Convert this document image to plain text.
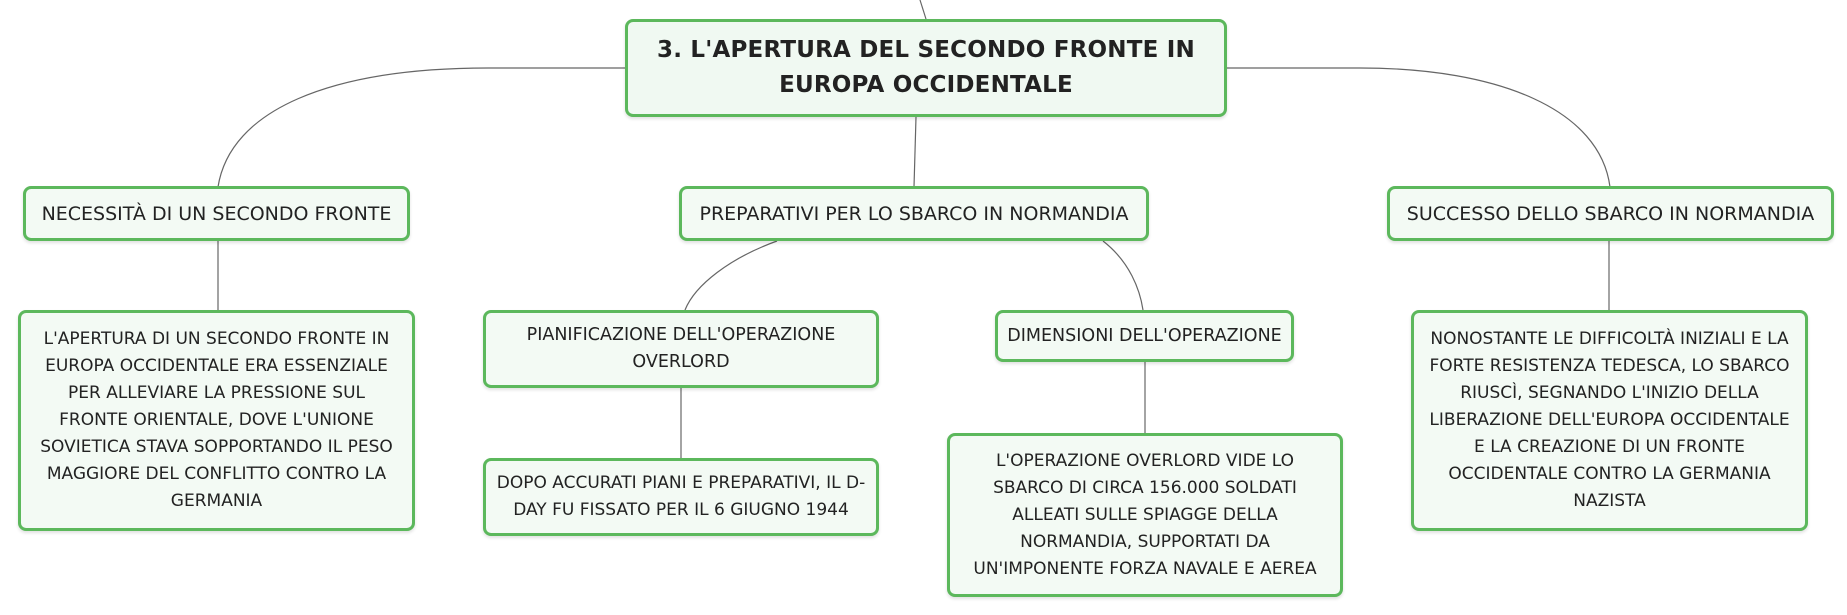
3. L'APERTURA DEL SECONDO FRONTE IN EUROPA OCCIDENTALE
NECESSITÀ DI UN SECONDO FRONTE	PREPARATIVI PER LO SBARCO IN NORMANDIA	SUCCESSO DELLO SBARCO IN NORMANDIA
L'APERTURA DI UN SECONDO FRONTE IN EUROPA OCCIDENTALE ERA ESSENZIALE PER ALLEVIARE LA PRESSIONE SUL FRONTE ORIENTALE, DOVE L'UNIONE SOVIETICA STAVA SOPPORTANDO IL PESO MAGGIORE DEL CONFLITTO CONTRO LA GERMANIA
PIANIFICAZIONE DELL'OPERAZIONE OVERLORD
DIMENSIONI DELL'OPERAZIONE
DOPO ACCURATI PIANI E PREPARATIVI, IL D-DAY FU FISSATO PER IL 6 GIUGNO 1944
L'OPERAZIONE OVERLORD VIDE LO SBARCO DI CIRCA 156.000 SOLDATI ALLEATI SULLE SPIAGGE DELLA NORMANDIA, SUPPORTATI DA UN'IMPONENTE FORZA NAVALE E AEREA
NONOSTANTE LE DIFFICOLTÀ INIZIALI E LA FORTE RESISTENZA TEDESCA, LO SBARCO RIUSCÌ, SEGNANDO L'INIZIO DELLA LIBERAZIONE DELL'EUROPA OCCIDENTALE E LA CREAZIONE DI UN FRONTE OCCIDENTALE CONTRO LA GERMANIA NAZISTA
